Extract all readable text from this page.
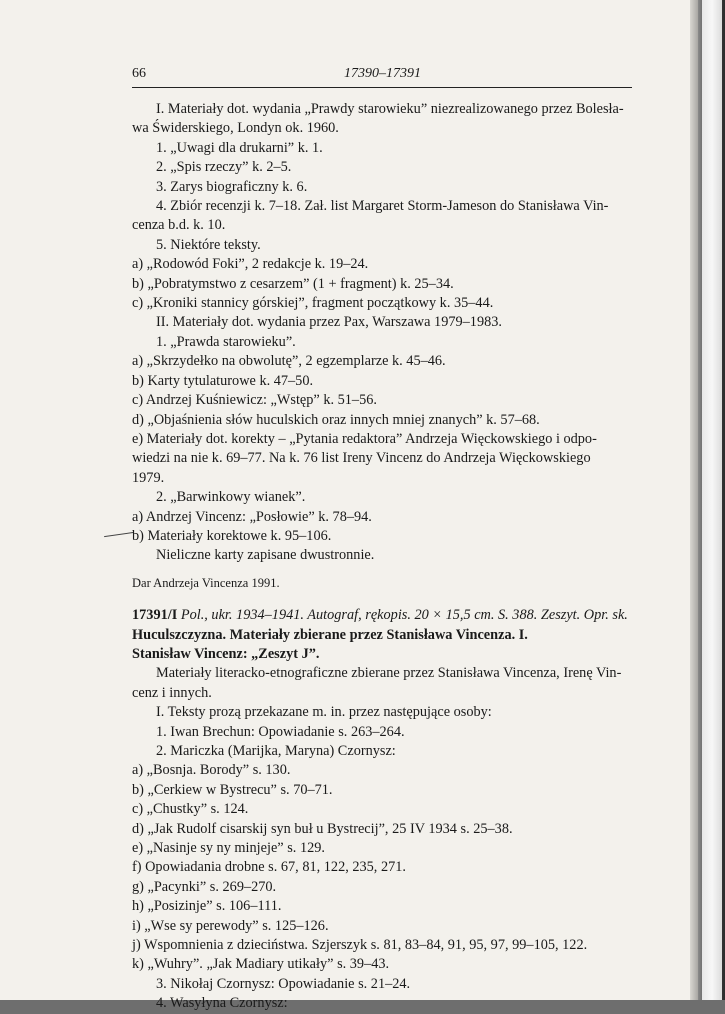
66	17390–17391

I. Materiały dot. wydania „Prawdy starowieku” niezrealizowanego przez Bolesła-

wa Świderskiego, Londyn ok. 1960.

1. „Uwagi dla drukarni” k. 1.

2. „Spis rzeczy” k. 2–5.

3. Zarys biograficzny k. 6.

4. Zbiór recenzji k. 7–18. Zał. list Margaret Storm-Jameson do Stanisława Vin-

cenza b.d. k. 10.

5. Niektóre teksty.

a) „Rodowód Foki”, 2 redakcje k. 19–24.

b) „Pobratymstwo z cesarzem” (1 + fragment) k. 25–34.

c) „Kroniki stannicy górskiej”, fragment początkowy k. 35–44.

II. Materiały dot. wydania przez Pax, Warszawa 1979–1983.

1. „Prawda starowieku”.

a) „Skrzydełko na obwolutę”, 2 egzemplarze k. 45–46.

b) Karty tytulaturowe k. 47–50.

c) Andrzej Kuśniewicz: „Wstęp” k. 51–56.

d) „Objaśnienia słów huculskich oraz innych mniej znanych” k. 57–68.

e) Materiały dot. korekty – „Pytania redaktora” Andrzeja Więckowskiego i odpo-

wiedzi na nie k. 69–77. Na k. 76 list Ireny Vincenz do Andrzeja Więckowskiego

1979.

2. „Barwinkowy wianek”.

a) Andrzej Vincenz: „Posłowie” k. 78–94.

b) Materiały korektowe k. 95–106.

Nieliczne karty zapisane dwustronnie.

Dar Andrzeja Vincenza 1991.

17391/I Pol., ukr. 1934–1941. Autograf, rękopis. 20 × 15,5 cm. S. 388. Zeszyt. Opr. sk.

Huculszczyzna. Materiały zbierane przez Stanisława Vincenza. I.

Stanisław Vincenz: „Zeszyt J”.

Materiały literacko-etnograficzne zbierane przez Stanisława Vincenza, Irenę Vin-

cenz i innych.

I. Teksty prozą przekazane m. in. przez następujące osoby:

1. Iwan Brechun: Opowiadanie s. 263–264.

2. Mariczka (Marijka, Maryna) Czornysz:

a) „Bosnja. Borody” s. 130.

b) „Cerkiew w Bystrecu” s. 70–71.

c) „Chustky” s. 124.

d) „Jak Rudolf cisarskij syn buł u Bystrecij”, 25 IV 1934 s. 25–38.

e) „Nasinje sy ny minjeje” s. 129.

f) Opowiadania drobne s. 67, 81, 122, 235, 271.

g) „Pacynki” s. 269–270.

h) „Posizinje” s. 106–111.

i) „Wse sy perewody” s. 125–126.

j) Wspomnienia z dzieciństwa. Szjerszyk s. 81, 83–84, 91, 95, 97, 99–105, 122.

k) „Wuhry”. „Jak Madiary utikały” s. 39–43.

3. Nikołaj Czornysz: Opowiadanie s. 21–24.

4. Wasyłyna Czornysz:
